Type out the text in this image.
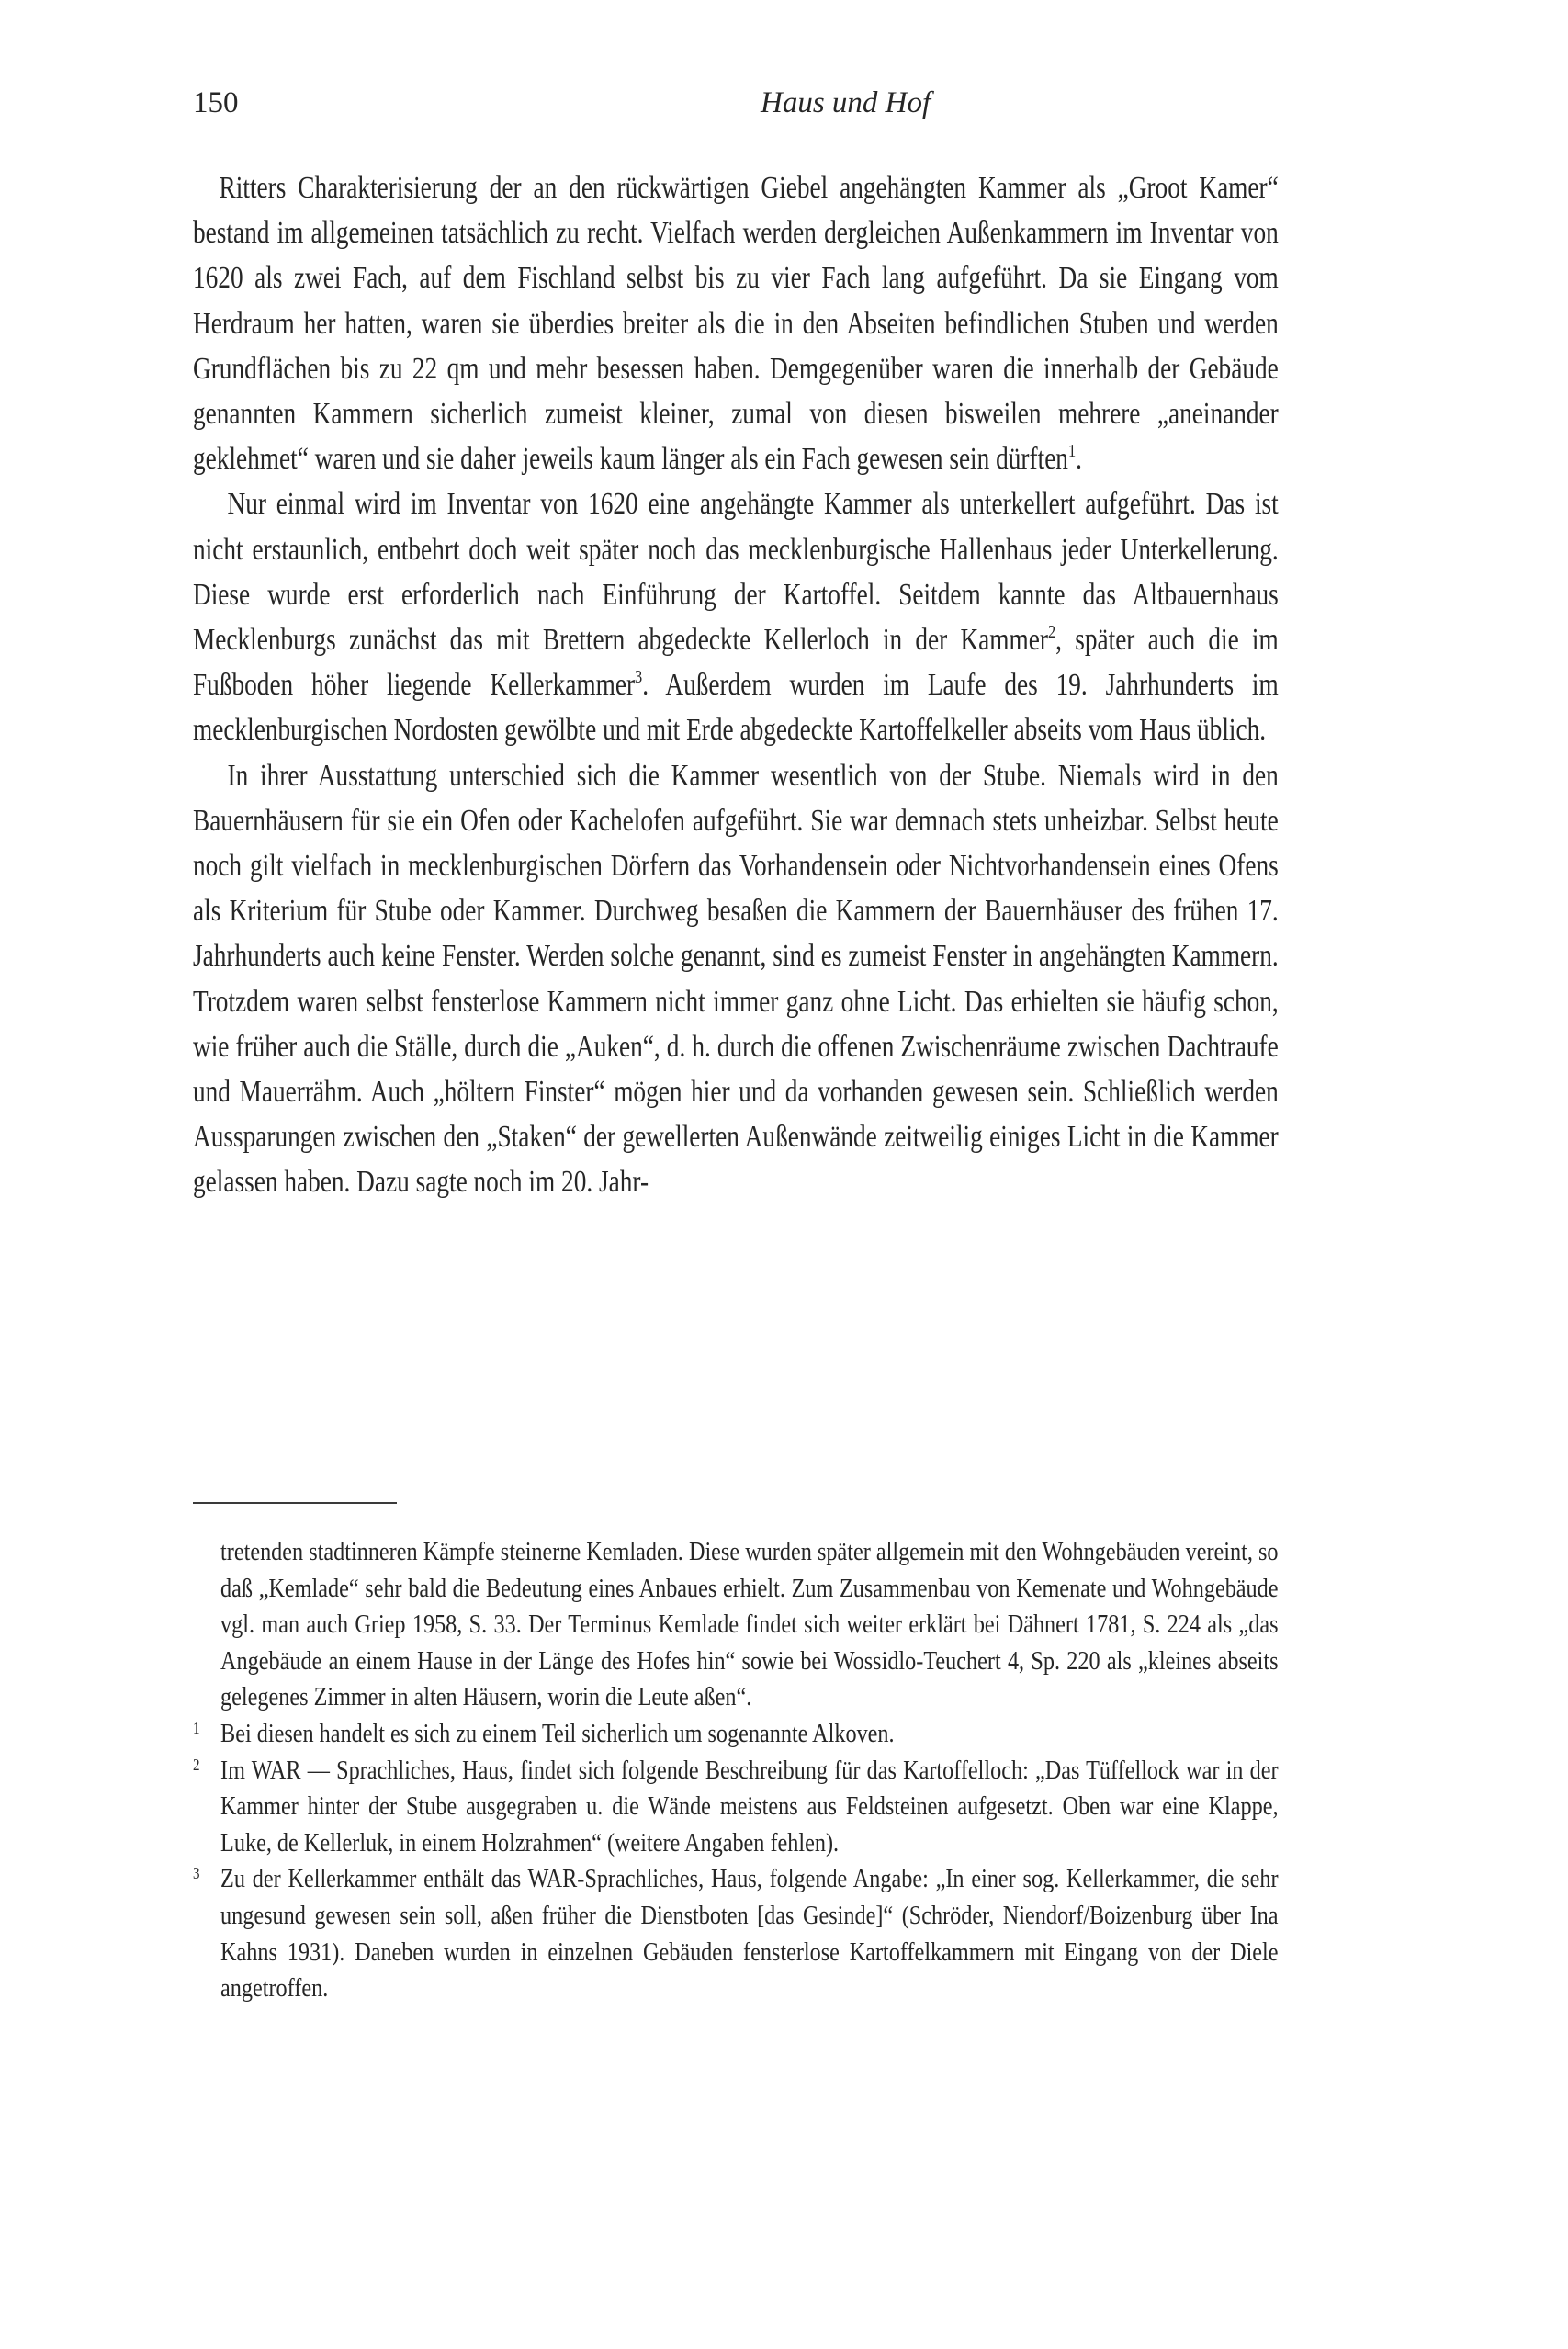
150	Haus und Hof

Ritters Charakterisierung der an den rückwärtigen Giebel angehängten Kammer als „Groot Kamer“ bestand im allgemeinen tatsächlich zu recht. Vielfach werden dergleichen Außenkammern im Inventar von 1620 als zwei Fach, auf dem Fischland selbst bis zu vier Fach lang aufgeführt. Da sie Eingang vom Herdraum her hatten, waren sie überdies breiter als die in den Abseiten befindlichen Stuben und werden Grundflächen bis zu 22 qm und mehr besessen haben. Demgegenüber waren die innerhalb der Gebäude genannten Kammern sicherlich zumeist kleiner, zumal von diesen bisweilen mehrere „aneinander geklehmet“ waren und sie daher jeweils kaum länger als ein Fach gewesen sein dürften$^1$.

Nur einmal wird im Inventar von 1620 eine angehängte Kammer als unterkellert aufgeführt. Das ist nicht erstaunlich, entbehrt doch weit später noch das mecklenburgische Hallenhaus jeder Unterkellerung. Diese wurde erst erforderlich nach Einführung der Kartoffel. Seitdem kannte das Altbauernhaus Mecklenburgs zunächst das mit Brettern abgedeckte Kellerloch in der Kammer$^2$, später auch die im Fußboden höher liegende Kellerkammer$^3$. Außerdem wurden im Laufe des 19. Jahrhunderts im mecklenburgischen Nordosten gewölbte und mit Erde abgedeckte Kartoffelkeller abseits vom Haus üblich.

In ihrer Ausstattung unterschied sich die Kammer wesentlich von der Stube. Niemals wird in den Bauernhäusern für sie ein Ofen oder Kachelofen aufgeführt. Sie war demnach stets unheizbar. Selbst heute noch gilt vielfach in mecklenburgischen Dörfern das Vorhandensein oder Nichtvorhandensein eines Ofens als Kriterium für Stube oder Kammer. Durchweg besaßen die Kammern der Bauernhäuser des frühen 17. Jahrhunderts auch keine Fenster. Werden solche genannt, sind es zumeist Fenster in angehängten Kammern. Trotzdem waren selbst fensterlose Kammern nicht immer ganz ohne Licht. Das erhielten sie häufig schon, wie früher auch die Ställe, durch die „Auken“, d. h. durch die offenen Zwischenräume zwischen Dachtraufe und Mauerrähm. Auch „höltern Finster“ mögen hier und da vorhanden gewesen sein. Schließlich werden Aussparungen zwischen den „Staken“ der gewellerten Außenwände zeitweilig einiges Licht in die Kammer gelassen haben. Dazu sagte noch im 20. Jahr-

tretenden stadtinneren Kämpfe steinerne Kemladen. Diese wurden später allgemein mit den Wohngebäuden vereint, so daß „Kemlade“ sehr bald die Bedeutung eines Anbaues erhielt. Zum Zusammenbau von Kemenate und Wohngebäude vgl. man auch Griep 1958, S. 33. Der Terminus Kemlade findet sich weiter erklärt bei Dähnert 1781, S. 224 als „das Angebäude an einem Hause in der Länge des Hofes hin“ sowie bei Wossidlo-Teuchert 4, Sp. 220 als „kleines abseits gelegenes Zimmer in alten Häusern, worin die Leute aßen“.

1 Bei diesen handelt es sich zu einem Teil sicherlich um sogenannte Alkoven.

2 Im WAR — Sprachliches, Haus, findet sich folgende Beschreibung für das Kartoffelloch: „Das Tüffellock war in der Kammer hinter der Stube ausgegraben u. die Wände meistens aus Feldsteinen aufgesetzt. Oben war eine Klappe, Luke, de Kellerluk, in einem Holzrahmen“ (weitere Angaben fehlen).

3 Zu der Kellerkammer enthält das WAR-Sprachliches, Haus, folgende Angabe: „In einer sog. Kellerkammer, die sehr ungesund gewesen sein soll, aßen früher die Dienstboten [das Gesinde]“ (Schröder, Niendorf/Boizenburg über Ina Kahns 1931). Daneben wurden in einzelnen Gebäuden fensterlose Kartoffelkammern mit Eingang von der Diele angetroffen.
